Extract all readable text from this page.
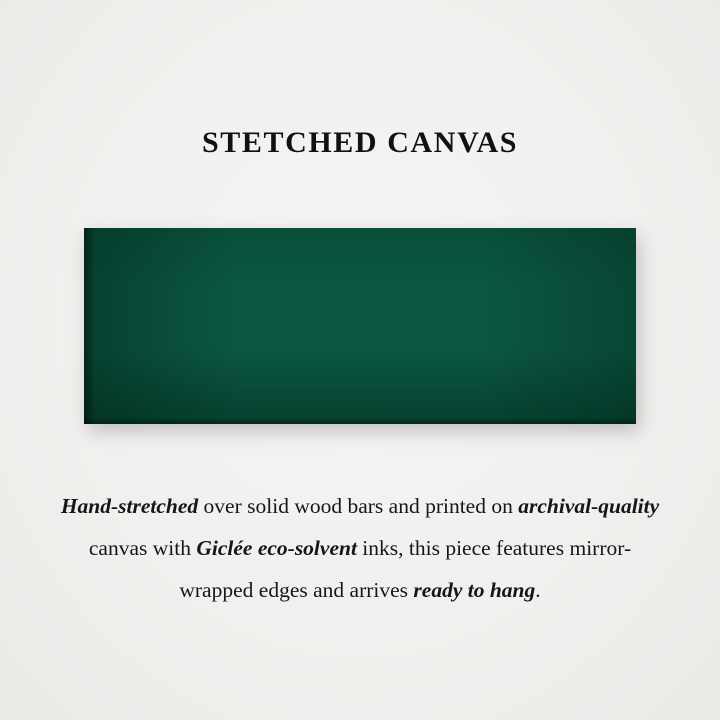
STETCHED CANVAS
Hand-stretched over solid wood bars and printed on archival-quality canvas with Giclée eco-solvent inks, this piece features mirror-wrapped edges and arrives ready to hang.
